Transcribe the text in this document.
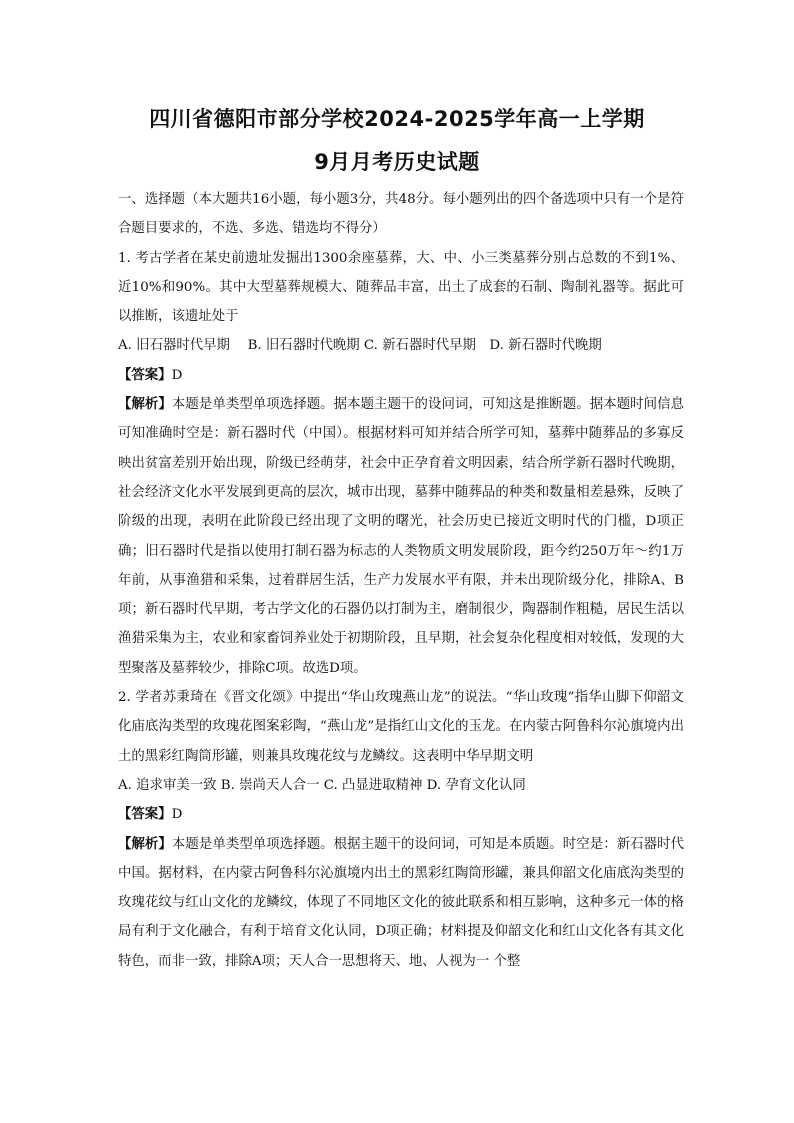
四川省德阳市部分学校2024-2025学年高一上学期
9月月考历史试题

一、选择题（本大题共16小题，每小题3分，共48分。每小题列出的四个备选项中只有一个是符合题目要求的，不选、多选、错选均不得分）

1. 考古学者在某史前遗址发掘出1300余座墓葬，大、中、小三类墓葬分别占总数的不到1%、近10%和90%。其中大型墓葬规模大、随葬品丰富，出土了成套的石制、陶制礼器等。据此可以推断，该遗址处于

A. 旧石器时代早期　 B. 旧石器时代晚期 C. 新石器时代早期　D. 新石器时代晚期

【答案】D

【解析】本题是单类型单项选择题。据本题主题干的设问词，可知这是推断题。据本题时间信息可知准确时空是：新石器时代（中国）。根据材料可知并结合所学可知，墓葬中随葬品的多寡反映出贫富差别开始出现，阶级已经萌芽，社会中正孕育着文明因素，结合所学新石器时代晚期，社会经济文化水平发展到更高的层次，城市出现，墓葬中随葬品的种类和数量相差悬殊，反映了阶级的出现，表明在此阶段已经出现了文明的曙光，社会历史已接近文明时代的门槛，D项正确；旧石器时代是指以使用打制石器为标志的人类物质文明发展阶段，距今约250万年～约1万年前，从事渔猎和采集，过着群居生活，生产力发展水平有限，并未出现阶级分化，排除A、B项；新石器时代早期，考古学文化的石器仍以打制为主，磨制很少，陶器制作粗糙，居民生活以渔猎采集为主，农业和家畜饲养业处于初期阶段，且早期，社会复杂化程度相对较低，发现的大型聚落及墓葬较少，排除C项。故选D项。

2. 学者苏秉琦在《晋文化颂》中提出“华山玫瑰燕山龙”的说法。“华山玫瑰”指华山脚下仰韶文化庙底沟类型的玫瑰花图案彩陶，“燕山龙”是指红山文化的玉龙。在内蒙古阿鲁科尔沁旗境内出土的黑彩红陶筒形罐，则兼具玫瑰花纹与龙鳞纹。这表明中华早期文明

A. 追求审美一致 B. 崇尚天人合一 C. 凸显进取精神 D. 孕育文化认同

【答案】D

【解析】本题是单类型单项选择题。根据主题干的设问词，可知是本质题。时空是：新石器时代中国。据材料，在内蒙古阿鲁科尔沁旗境内出土的黑彩红陶筒形罐，兼具仰韶文化庙底沟类型的玫瑰花纹与红山文化的龙鳞纹，体现了不同地区文化的彼此联系和相互影响，这种多元一体的格局有利于文化融合，有利于培育文化认同，D项正确；材料提及仰韶文化和红山文化各有其文化特色，而非一致，排除A项；天人合一思想将天、地、人视为一 个整
